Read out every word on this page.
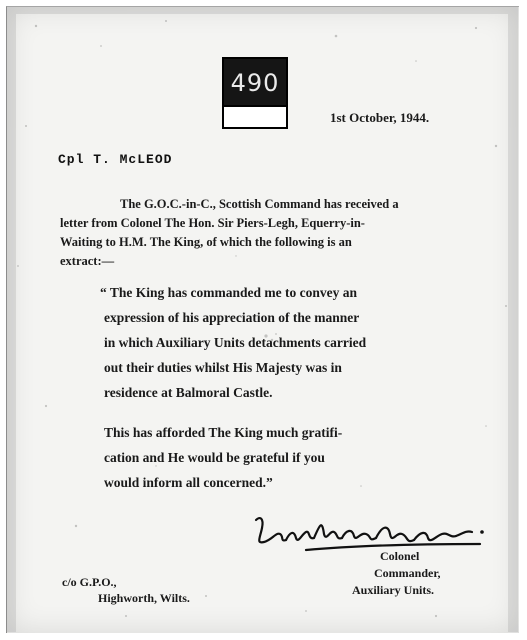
490
1st October, 1944.
Cpl T. McLEOD
The G.O.C.-in-C., Scottish Command has received a
letter from Colonel The Hon. Sir Piers-Legh, Equerry-in-
Waiting to H.M. The King, of which the following is an
extract:—
“ The King has commanded me to convey an
expression of his appreciation of the manner
in which Auxiliary Units detachments carried
out their duties whilst His Majesty was in
residence at Balmoral Castle.
This has afforded The King much gratifi-
cation and He would be grateful if you
would inform all concerned.”
Colonel
Commander,
Auxiliary Units.
c/o G.P.O.,
Highworth, Wilts.
